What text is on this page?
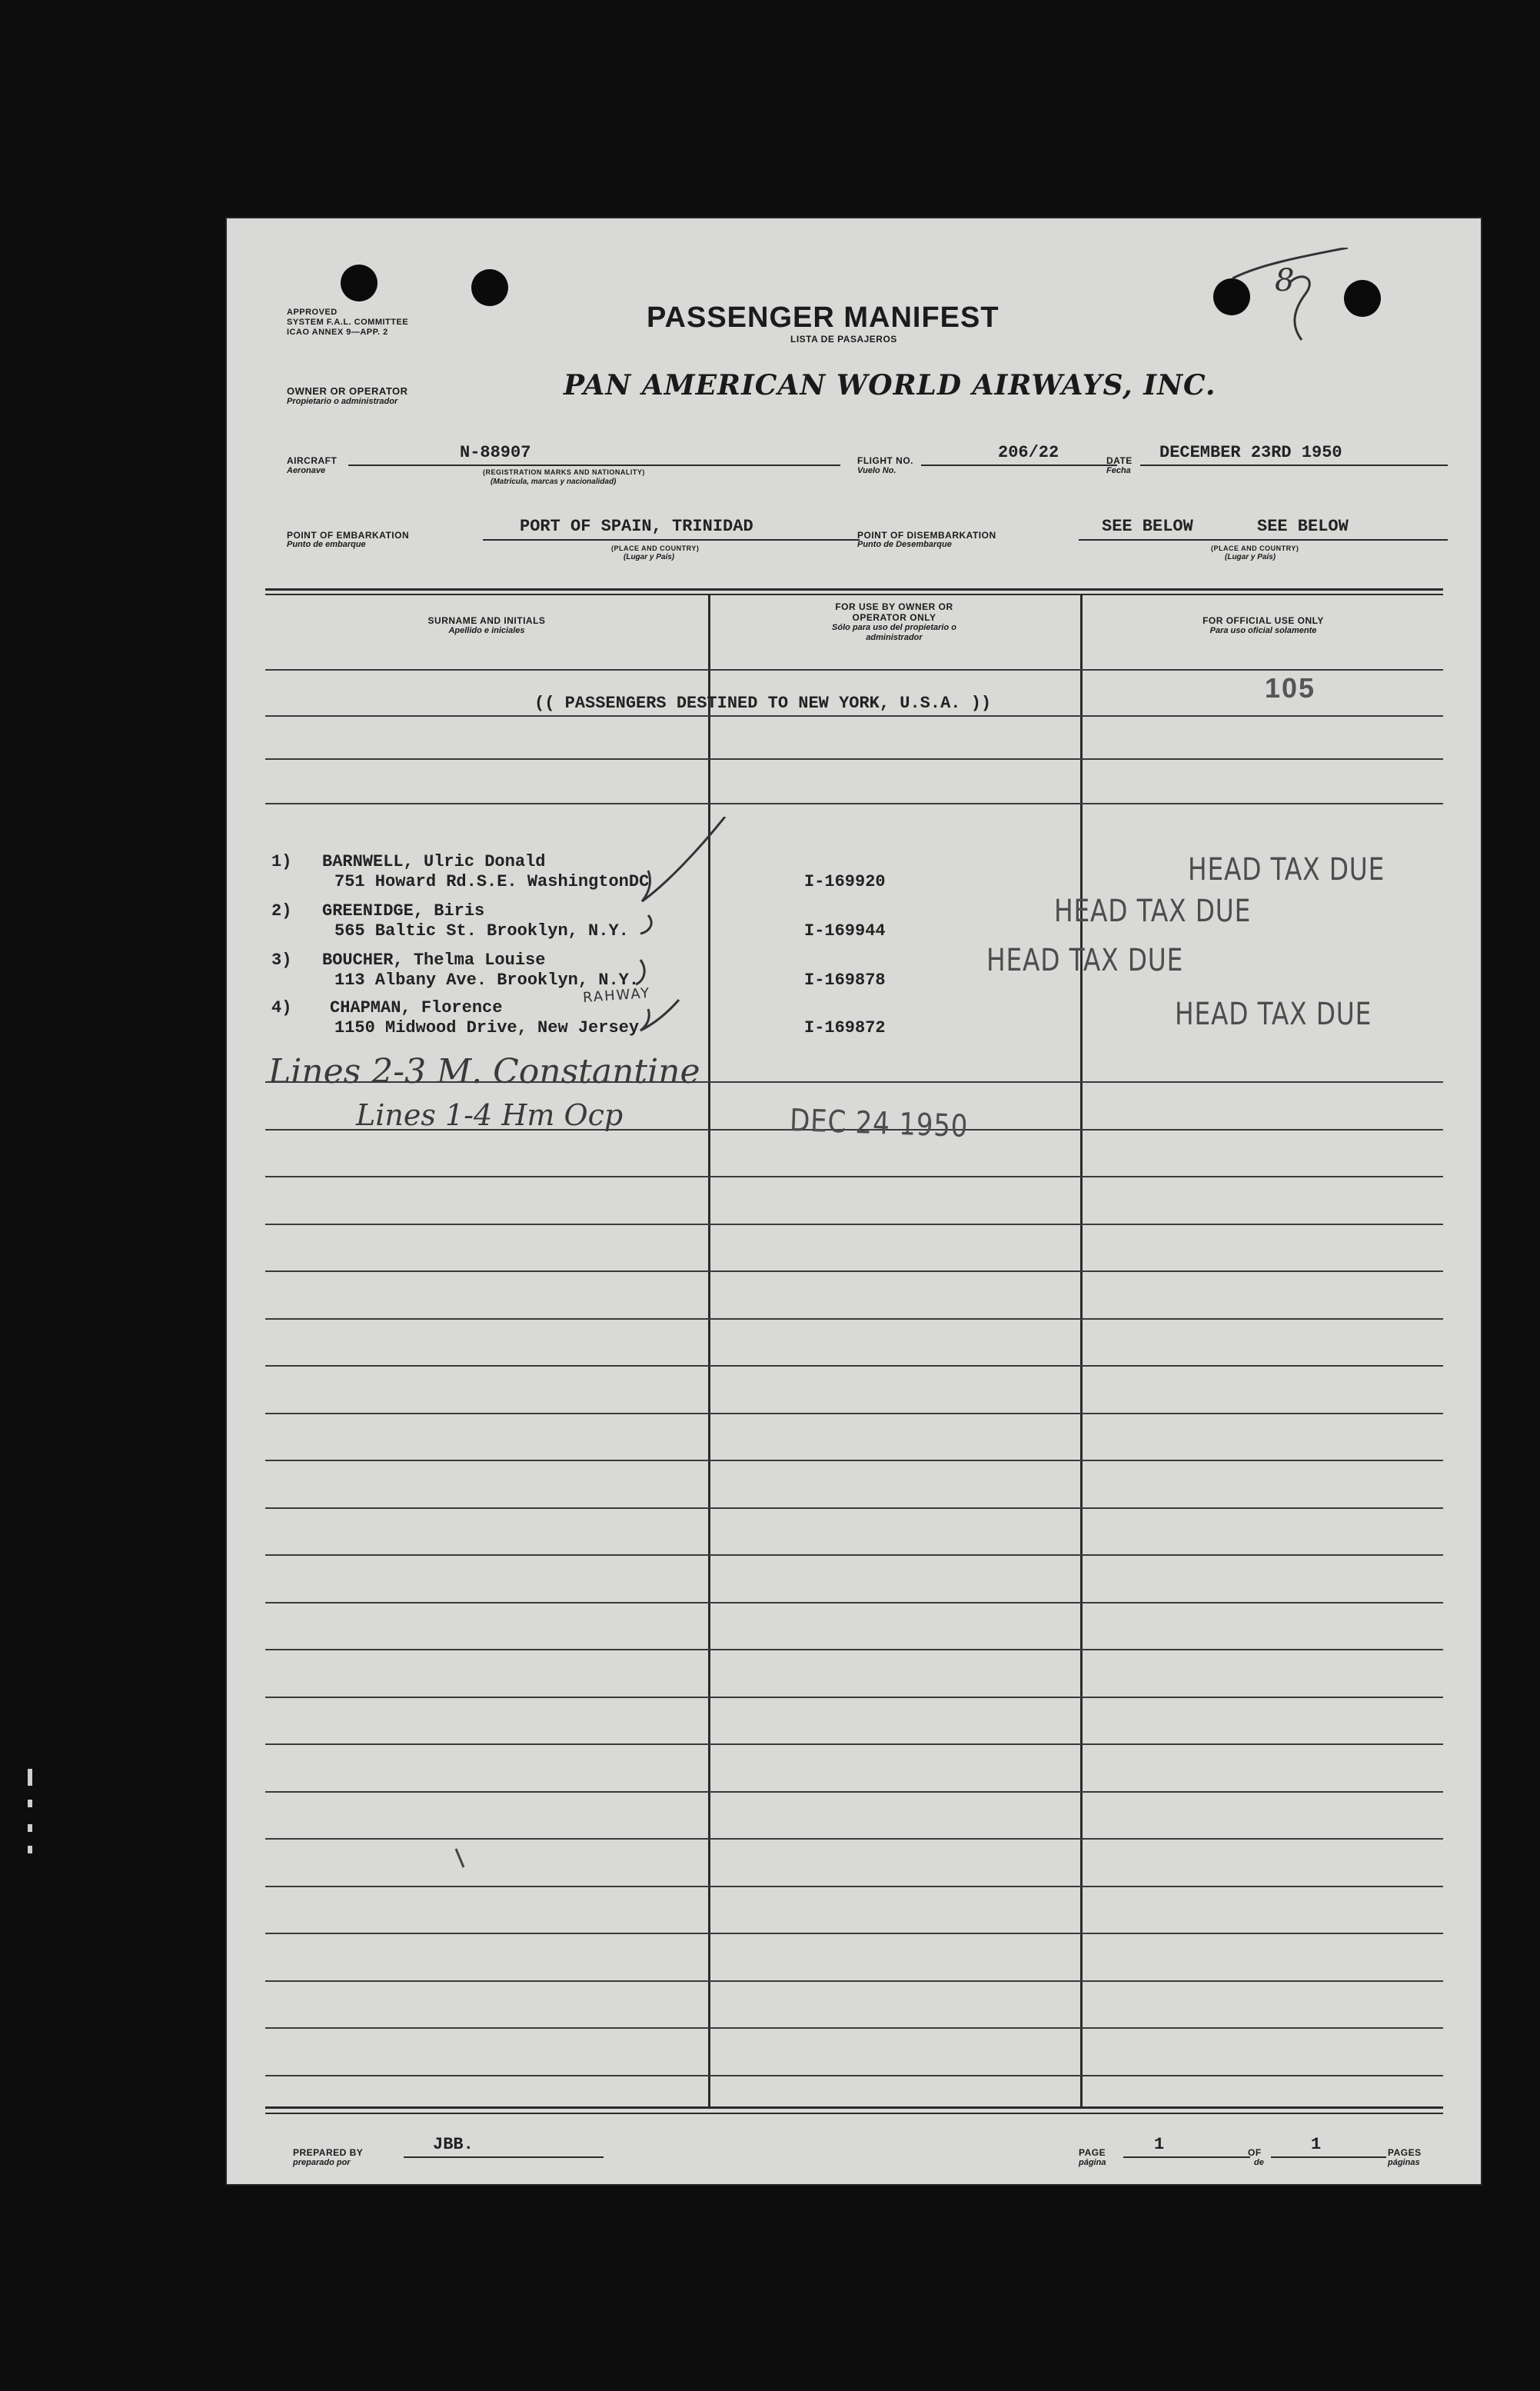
APPROVED
SYSTEM F.A.L. COMMITTEE
ICAO ANNEX 9—APP. 2	PASSENGER MANIFEST
LISTA DE PASAJEROS
8
OWNER OR OPERATOR
Propietario o administrador	PAN AMERICAN WORLD AIRWAYS, INC.
AIRCRAFT
Aeronave
N-88907
(REGISTRATION MARKS AND NATIONALITY)
(Matrícula, marcas y nacionalidad)
FLIGHT NO.
Vuelo No.
206/22	DATE
Fecha
DECEMBER 23RD 1950
POINT OF EMBARKATION
Punto de embarque
PORT OF SPAIN, TRINIDAD
(PLACE AND COUNTRY)
(Lugar y País)
POINT OF DISEMBARKATION
Punto de Desembarque
SEE BELOW	SEE BELOW
(PLACE AND COUNTRY)
(Lugar y País)
SURNAME AND INITIALS
Apellido e iniciales
FOR USE BY OWNER OR OPERATOR ONLY
Sólo para uso del propietario o administrador
FOR OFFICIAL USE ONLY
Para uso oficial solamente
105
(( PASSENGERS DESTINED TO NEW YORK, U.S.A. ))
1) BARNWELL, Ulric Donald
751 Howard Rd.S.E. WashingtonDC	I-169920	HEAD TAX DUE
2) GREENIDGE, Biris
565 Baltic St. Brooklyn, N.Y.	I-169944
HEAD TAX DUE
3) BOUCHER, Thelma Louise
113 Albany Ave. Brooklyn, N.Y.	I-169878
HEAD TAX DUE
4) CHAPMAN, Florence
1150 Midwood Drive, New Jersey	I-169872	HEAD TAX DUE
RAHWAY
Lines 2-3 M. Constantine
Lines 1-4 Hm Ocp	DEC 24 1950
PREPARED BY
preparado por
JBB.	PAGE
página
1	OF
de
1	PAGES
páginas
